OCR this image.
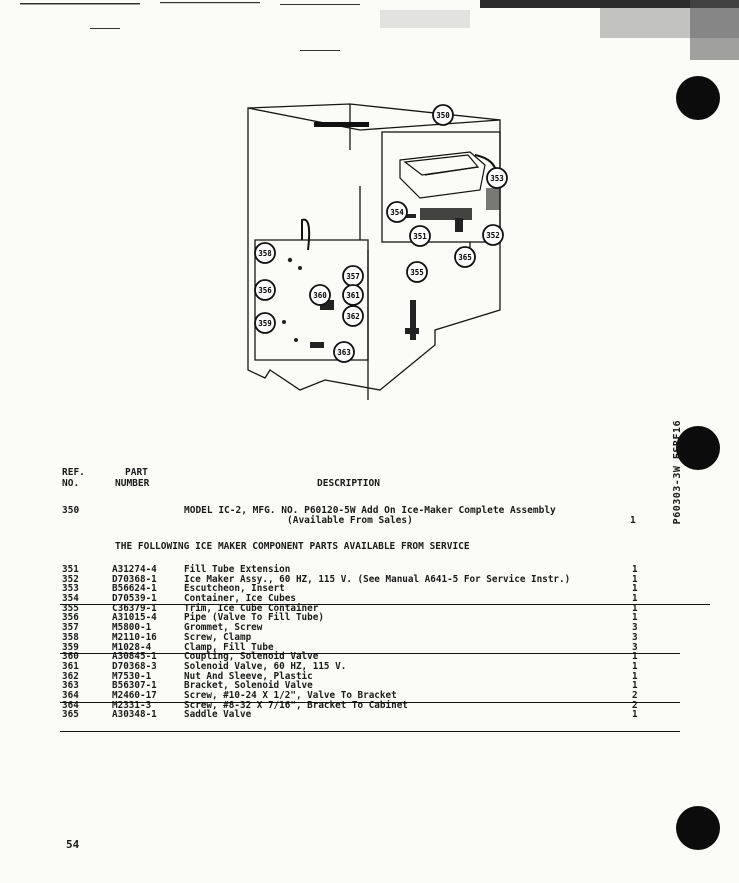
350
353
354
351	352
365
355
358
357
356
360	361
362
359
363
P60303-3W ESRF16
REF.
NO.
PART
NUMBER	DESCRIPTION
350	MODEL IC-2, MFG. NO. P60120-5W Add On Ice-Maker Complete Assembly
(Available From Sales)	1
THE FOLLOWING ICE MAKER COMPONENT PARTS AVAILABLE FROM SERVICE
351	A31274-4	Fill Tube Extension	1
352	D70368-1	Ice Maker Assy., 60 HZ, 115 V. (See Manual A641-5 For Service Instr.)	1
353	B56624-1	Escutcheon, Insert	1
354	D70539-1	Container, Ice Cubes	1
355	C36379-1	Trim, Ice Cube Container	1
356	A31015-4	Pipe (Valve To Fill Tube)	1
357	M5800-1	Grommet, Screw	3
358	M2110-16	Screw, Clamp	3
359	M1028-4	Clamp, Fill Tube	3
360	A30845-1	Coupling, Solenoid Valve	1
361	D70368-3	Solenoid Valve, 60 HZ, 115 V.	1
362	M7530-1	Nut And Sleeve, Plastic	1
363	B56307-1	Bracket, Solenoid Valve	1
364	M2460-17	Screw, #10-24 X 1/2", Valve To Bracket	2
364	M2331-3	Screw, #8-32 X 7/16", Bracket To Cabinet	2
365	A30348-1	Saddle Valve	1
54
